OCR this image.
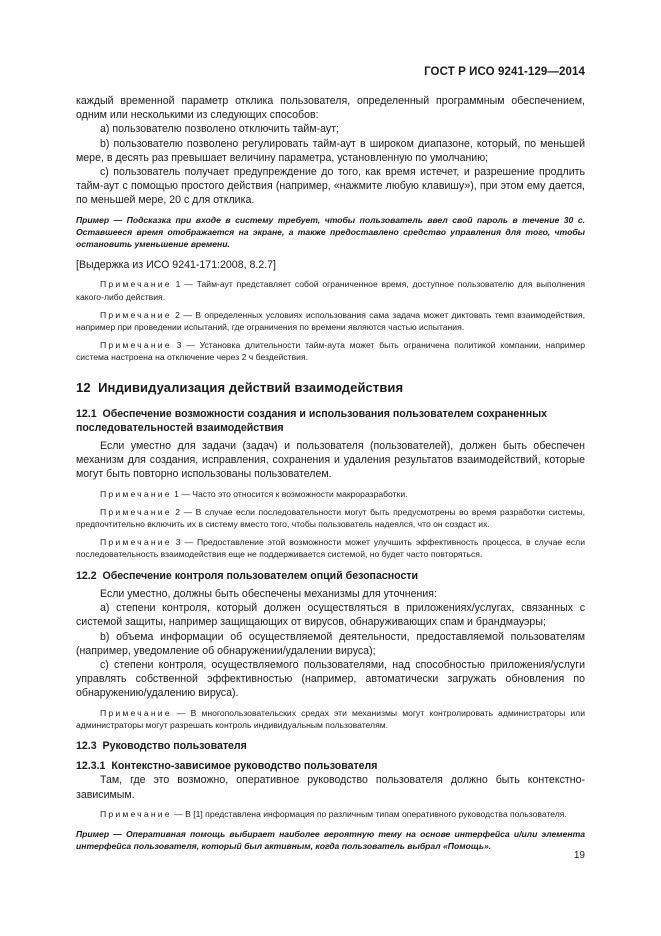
ГОСТ Р ИСО 9241-129—2014

каждый временной параметр отклика пользователя, определенный программным обеспечением, одним или несколькими из следующих способов:

a) пользователю позволено отключить тайм-аут;

b) пользователю позволено регулировать тайм-аут в широком диапазоне, который, по меньшей мере, в десять раз превышает величину параметра, установленную по умолчанию;

c) пользователь получает предупреждение до того, как время истечет, и разрешение продлить тайм-аут с помощью простого действия (например, «нажмите любую клавишу»), при этом ему дается, по меньшей мере, 20 с для отклика.

Пример — Подсказка при входе в систему требует, чтобы пользователь ввел свой пароль в течение 30 с. Оставшееся время отображается на экране, а также предоставлено средство управления для того, чтобы остановить уменьшение времени.

[Выдержка из ИСО 9241-171:2008, 8.2.7]

Примечание 1 — Тайм-аут представляет собой ограниченное время, доступное пользователю для выполнения какого-либо действия.

Примечание 2 — В определенных условиях использования сама задача может диктовать темп взаимодействия, например при проведении испытаний, где ограничения по времени являются частью испытания.

Примечание 3 — Установка длительности тайм-аута может быть ограничена политикой компании, например система настроена на отключение через 2 ч бездействия.

12 Индивидуализация действий взаимодействия

12.1 Обеспечение возможности создания и использования пользователем сохраненных последовательностей взаимодействия

Если уместно для задачи (задач) и пользователя (пользователей), должен быть обеспечен механизм для создания, исправления, сохранения и удаления результатов взаимодействий, которые могут быть повторно использованы пользователем.

Примечание 1 — Часто это относится к возможности макроразработки.

Примечание 2 — В случае если последовательности могут быть предусмотрены во время разработки системы, предпочтительно включить их в систему вместо того, чтобы пользователь надеялся, что он создаст их.

Примечание 3 — Предоставление этой возможности может улучшить эффективность процесса, в случае если последовательность взаимодействия еще не поддерживается системой, но будет часто повторяться.

12.2 Обеспечение контроля пользователем опций безопасности

Если уместно, должны быть обеспечены механизмы для уточнения:

a) степени контроля, который должен осуществляться в приложениях/услугах, связанных с системой защиты, например защищающих от вирусов, обнаруживающих спам и брандмауэры;

b) объема информации об осуществляемой деятельности, предоставляемой пользователям (например, уведомление об обнаружении/удалении вируса);

c) степени контроля, осуществляемого пользователями, над способностью приложения/услуги управлять собственной эффективностью (например, автоматически загружать обновления по обнаружению/удалению вируса).

Примечание — В многопользовательских средах эти механизмы могут контролировать администраторы или администраторы могут разрешать контроль индивидуальным пользователям.

12.3 Руководство пользователя

12.3.1 Контекстно-зависимое руководство пользователя

Там, где это возможно, оперативное руководство пользователя должно быть контекстно-зависимым.

Примечание — В [1] представлена информация по различным типам оперативного руководства пользователя.

Пример — Оперативная помощь выбирает наиболее вероятную тему на основе интерфейса и/или элемента интерфейса пользователя, который был активным, когда пользователь выбрал «Помощь».

19
